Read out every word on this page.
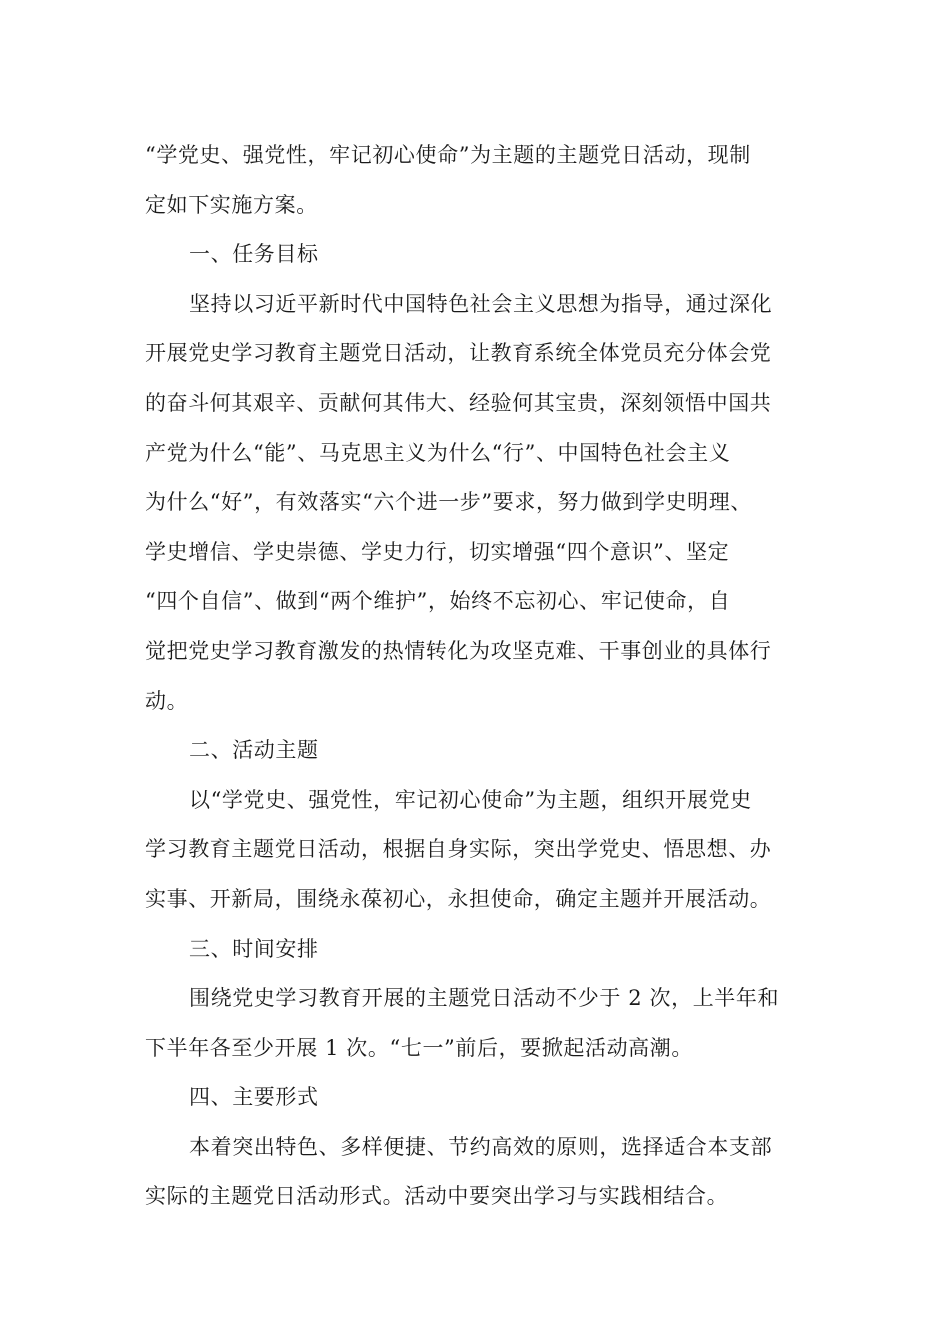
“学党史、强党性，牢记初心使命”为主题的主题党日活动，现制
定如下实施方案。
一、任务目标
坚持以习近平新时代中国特色社会主义思想为指导，通过深化
开展党史学习教育主题党日活动，让教育系统全体党员充分体会党
的奋斗何其艰辛、贡献何其伟大、经验何其宝贵，深刻领悟中国共
产党为什么“能”、马克思主义为什么“行”、中国特色社会主义
为什么“好”，有效落实“六个进一步”要求，努力做到学史明理、
学史增信、学史崇德、学史力行，切实增强“四个意识”、坚定
“四个自信”、做到“两个维护”，始终不忘初心、牢记使命，自
觉把党史学习教育激发的热情转化为攻坚克难、干事创业的具体行
动。
二、活动主题
以“学党史、强党性，牢记初心使命”为主题，组织开展党史
学习教育主题党日活动，根据自身实际，突出学党史、悟思想、办
实事、开新局，围绕永葆初心，永担使命，确定主题并开展活动。
三、时间安排
围绕党史学习教育开展的主题党日活动不少于 2 次，上半年和
下半年各至少开展 1 次。“七一”前后，要掀起活动高潮。
四、主要形式
本着突出特色、多样便捷、节约高效的原则，选择适合本支部
实际的主题党日活动形式。活动中要突出学习与实践相结合。
